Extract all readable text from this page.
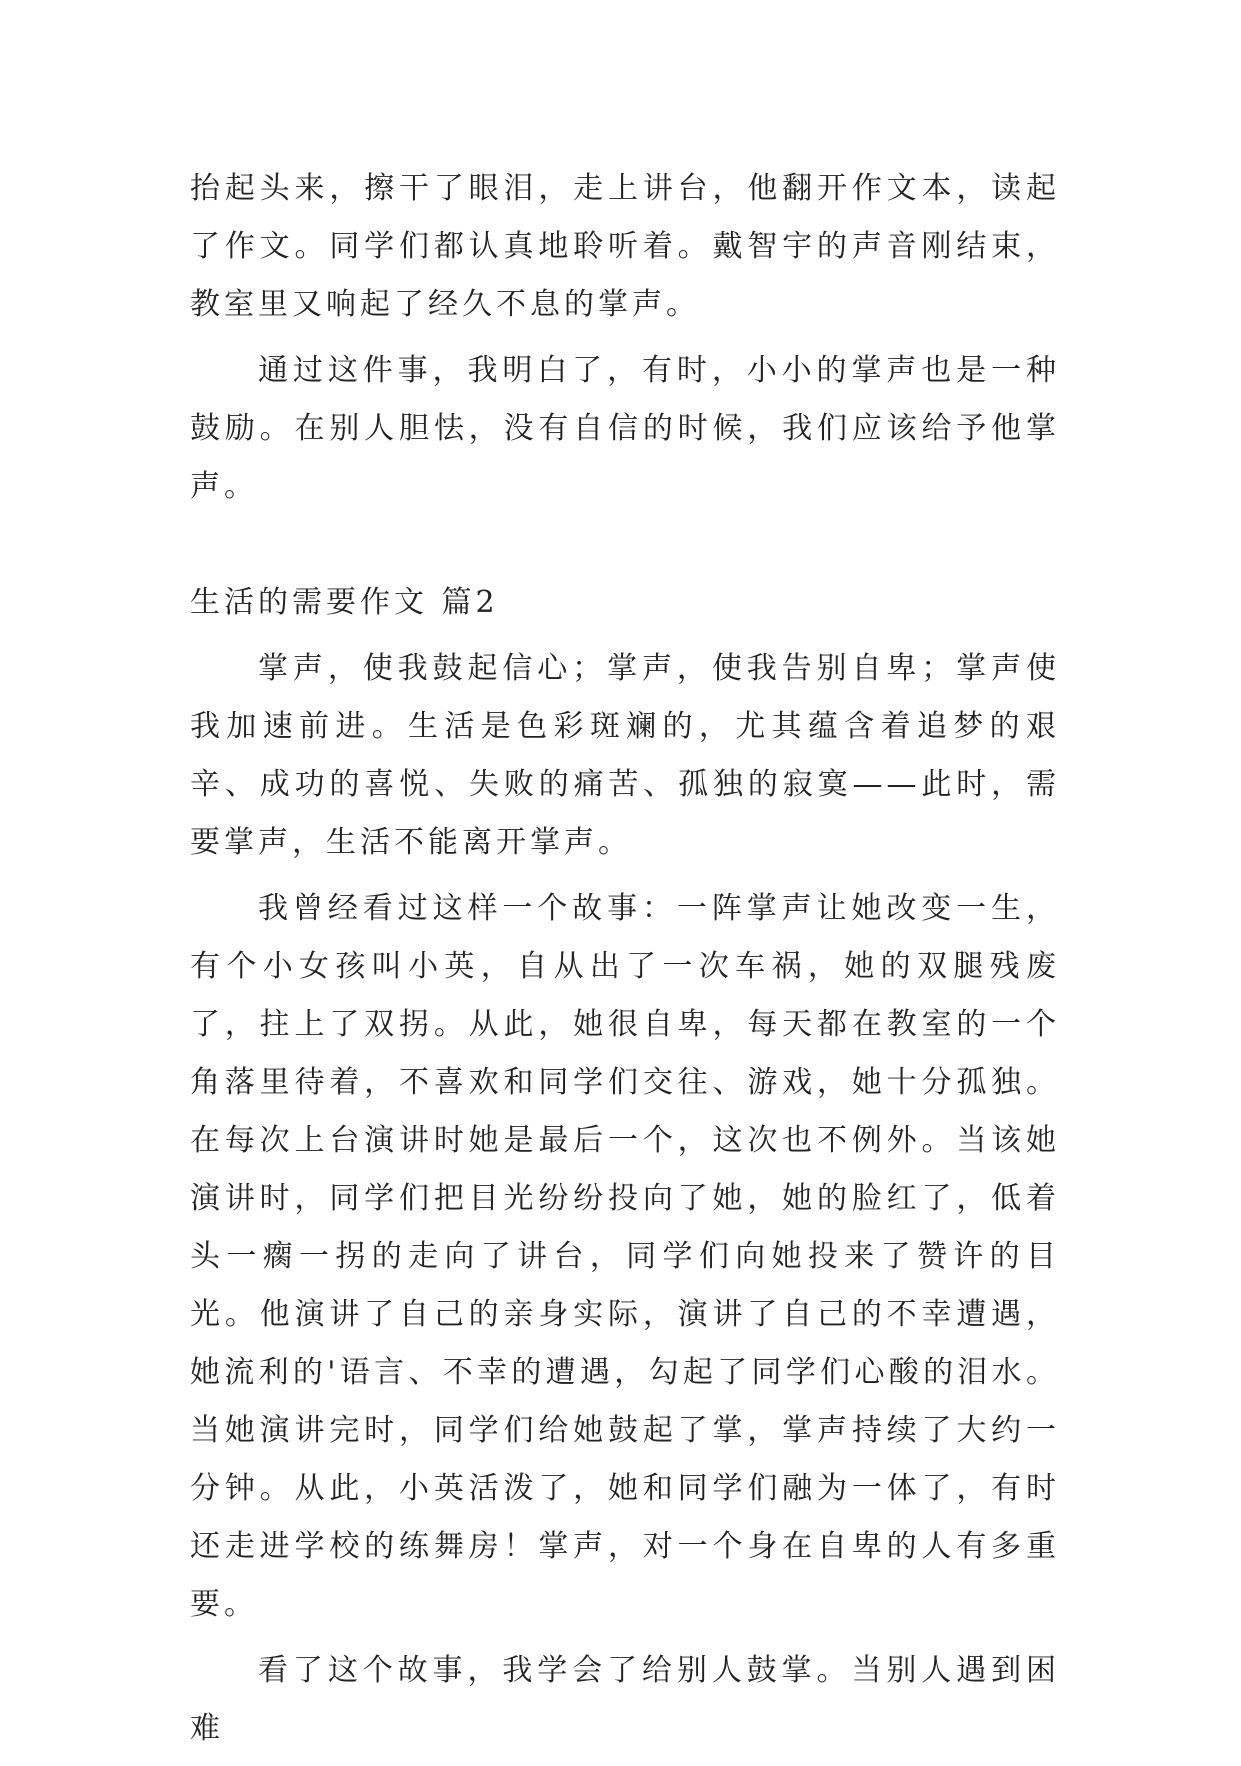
抬起头来，擦干了眼泪，走上讲台，他翻开作文本，读起了作文。同学们都认真地聆听着。戴智宇的声音刚结束，教室里又响起了经久不息的掌声。

通过这件事，我明白了，有时，小小的掌声也是一种鼓励。在别人胆怯，没有自信的时候，我们应该给予他掌声。

生活的需要作文 篇2

掌声，使我鼓起信心；掌声，使我告别自卑；掌声使我加速前进。生活是色彩斑斓的，尤其蕴含着追梦的艰辛、成功的喜悦、失败的痛苦、孤独的寂寞——此时，需要掌声，生活不能离开掌声。

我曾经看过这样一个故事：一阵掌声让她改变一生，有个小女孩叫小英，自从出了一次车祸，她的双腿残废了，拄上了双拐。从此，她很自卑，每天都在教室的一个角落里待着，不喜欢和同学们交往、游戏，她十分孤独。在每次上台演讲时她是最后一个，这次也不例外。当该她演讲时，同学们把目光纷纷投向了她，她的脸红了，低着头一瘸一拐的走向了讲台，同学们向她投来了赞许的目光。他演讲了自己的亲身实际，演讲了自己的不幸遭遇，她流利的'语言、不幸的遭遇，勾起了同学们心酸的泪水。当她演讲完时，同学们给她鼓起了掌，掌声持续了大约一分钟。从此，小英活泼了，她和同学们融为一体了，有时还走进学校的练舞房！掌声，对一个身在自卑的人有多重要。

看了这个故事，我学会了给别人鼓掌。当别人遇到困难
